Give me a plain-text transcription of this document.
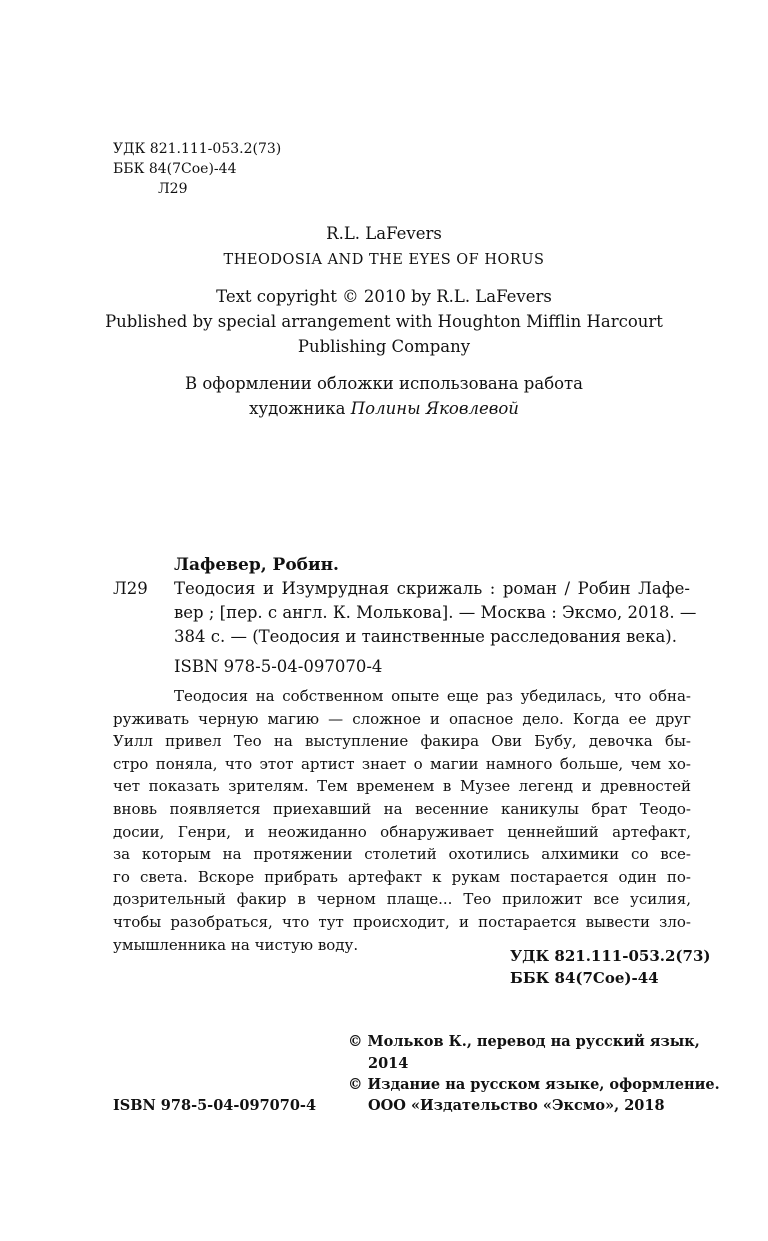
УДК 821.111-053.2(73)
ББК 84(7Сое)-44
Л29
R.L. LaFevers
THEODOSIA AND THE EYES OF HORUS
Text copyright © 2010 by R.L. LaFevers
Published by special arrangement with Houghton Mifflin Harcourt
Publishing Company
В оформлении обложки использована работа
художника Полины Яковлевой
Лафевер, Робин.
Л29 Теодосия и Изумрудная скрижаль : роман / Робин Лафе-
вер ; [пер. с англ. К. Молькова]. — Москва : Эксмо, 2018. —
384 с. — (Теодосия и таинственные расследования века).
ISBN 978-5-04-097070-4
Теодосия на собственном опыте еще раз убедилась, что обна-
руживать черную магию — сложное и опасное дело. Когда ее друг
Уилл привел Тео на выступление факира Ови Бубу, девочка бы-
стро поняла, что этот артист знает о магии намного больше, чем хо-
чет показать зрителям. Тем временем в Музее легенд и древностей
вновь появляется приехавший на весенние каникулы брат Теодо-
досии, Генри, и неожиданно обнаруживает ценнейший артефакт,
за которым на протяжении столетий охотились алхимики со все-
го света. Вскоре прибрать артефакт к рукам постарается один по-
дозрительный факир в черном плаще... Тео приложит все усилия,
чтобы разобраться, что тут происходит, и постарается вывести зло-
умышленника на чистую воду.
УДК 821.111-053.2(73)
ББК 84(7Сое)-44
© Мольков К., перевод на русский язык,
2014
© Издание на русском языке, оформление.
ООО «Издательство «Эксмо», 2018
ISBN 978-5-04-097070-4
